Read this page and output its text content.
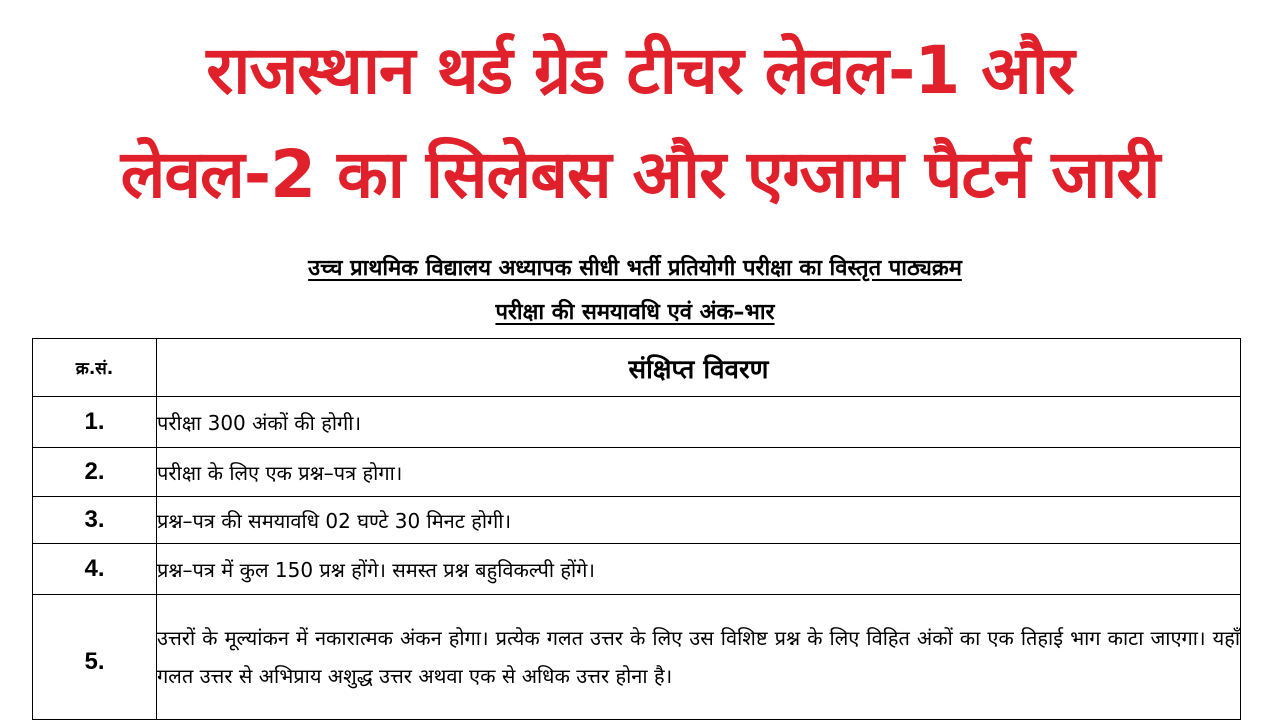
राजस्थान थर्ड ग्रेड टीचर लेवल-1 और
लेवल-2 का सिलेबस और एग्जाम पैटर्न जारी
उच्च प्राथमिक विद्यालय अध्यापक सीधी भर्ती प्रतियोगी परीक्षा का विस्तृत पाठ्यक्रम
परीक्षा की समयावधि एवं अंक–भार
क्र.सं.	संक्षिप्त विवरण
1.	परीक्षा 300 अंकों की होगी।
2.	परीक्षा के लिए एक प्रश्न–पत्र होगा।
3.	प्रश्न–पत्र की समयावधि 02 घण्टे 30 मिनट होगी।
4.	प्रश्न–पत्र में कुल 150 प्रश्न होंगे। समस्त प्रश्न बहुविकल्पी होंगे।
5.	उत्तरों के मूल्यांकन में नकारात्मक अंकन होगा। प्रत्येक गलत उत्तर के लिए उस विशिष्ट प्रश्न के लिए विहित अंकों का एक तिहाई भाग काटा जाएगा। यहाँ गलत उत्तर से अभिप्राय अशुद्ध उत्तर अथवा एक से अधिक उत्तर होना है।
